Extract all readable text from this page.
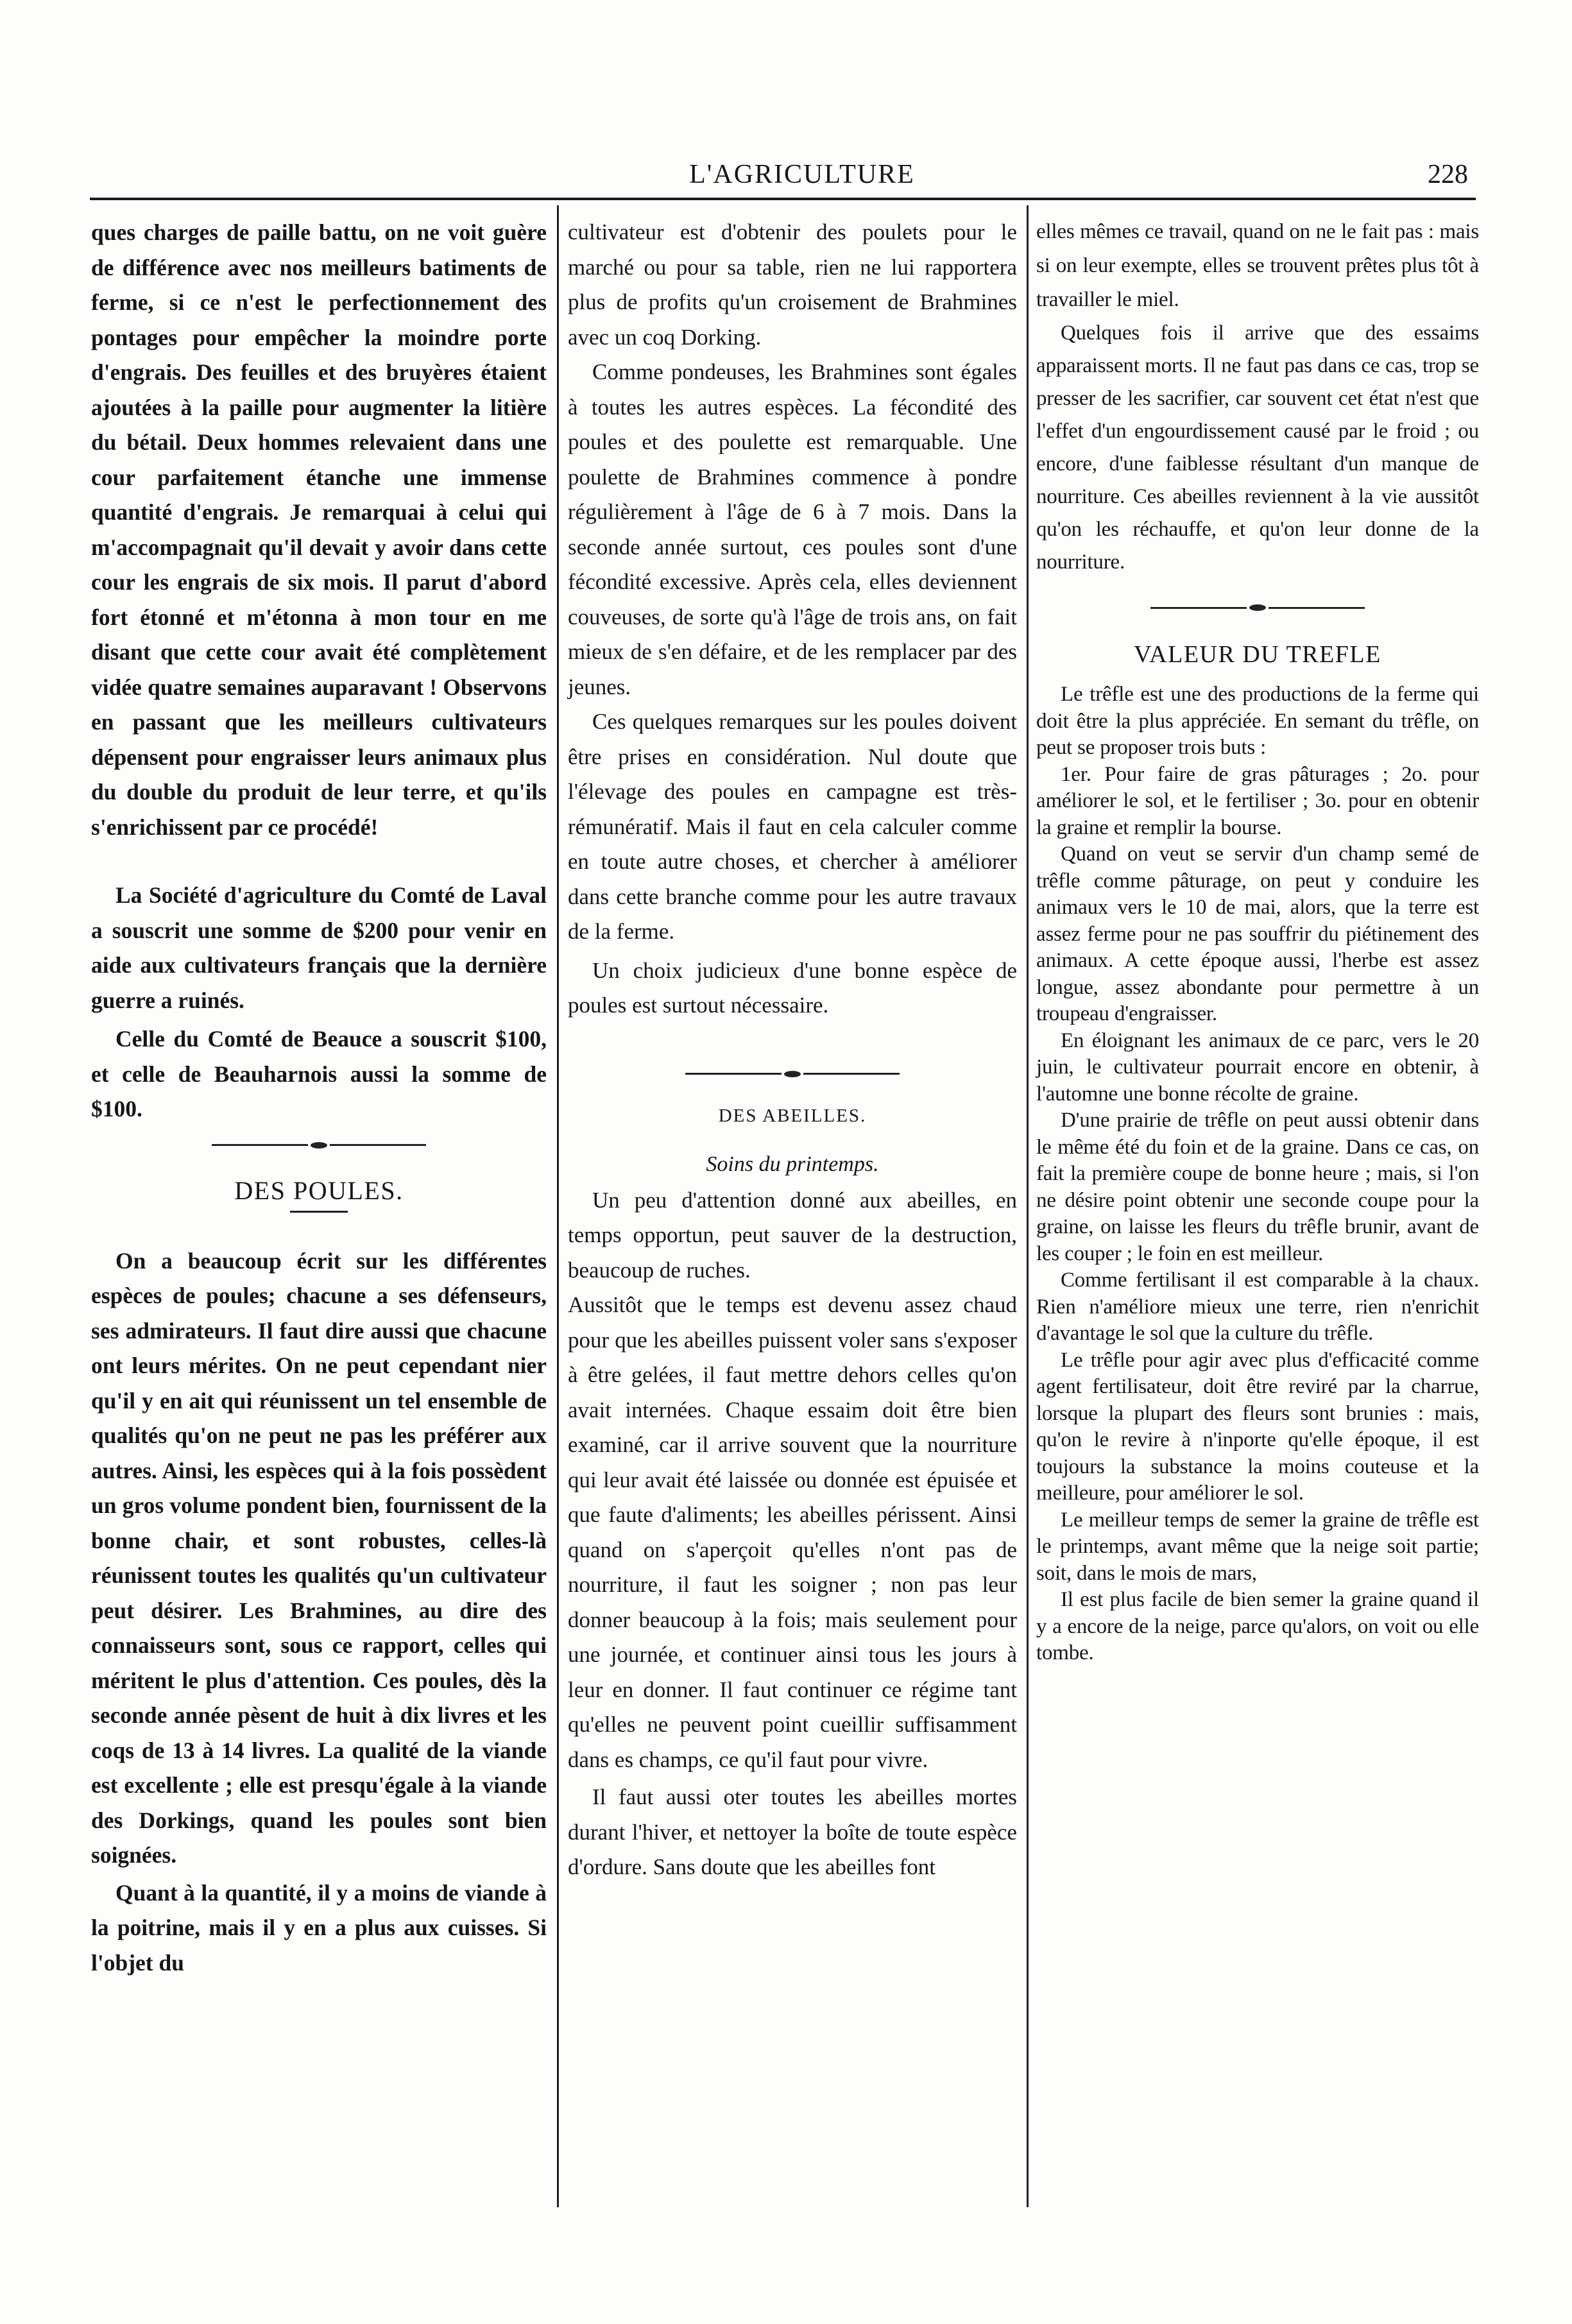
L'AGRICULTURE	228

ques charges de paille battu, on ne voit guère de différence avec nos meilleurs batiments de ferme, si ce n'est le perfectionnement des pontages pour empêcher la moindre porte d'engrais. Des feuilles et des bruyères étaient ajoutées à la paille pour augmenter la litière du bétail. Deux hommes relevaient dans une cour parfaitement étanche une immense quantité d'engrais. Je remarquai à celui qui m'accompagnait qu'il devait y avoir dans cette cour les engrais de six mois. Il parut d'abord fort étonné et m'étonna à mon tour en me disant que cette cour avait été complètement vidée quatre semaines auparavant ! Observons en passant que les meilleurs cultivateurs dépensent pour engraisser leurs animaux plus du double du produit de leur terre, et qu'ils s'enrichissent par ce procédé!

La Société d'agriculture du Comté de Laval a souscrit une somme de $200 pour venir en aide aux cultivateurs français que la dernière guerre a ruinés.

Celle du Comté de Beauce a souscrit $100, et celle de Beauharnois aussi la somme de $100.

DES POULES.

On a beaucoup écrit sur les différentes espèces de poules; chacune a ses défenseurs, ses admirateurs. Il faut dire aussi que chacune ont leurs mérites. On ne peut cependant nier qu'il y en ait qui réunissent un tel ensemble de qualités qu'on ne peut ne pas les préférer aux autres. Ainsi, les espèces qui à la fois possèdent un gros volume pondent bien, fournissent de la bonne chair, et sont robustes, celles-là réunissent toutes les qualités qu'un cultivateur peut désirer. Les Brahmines, au dire des connaisseurs sont, sous ce rapport, celles qui méritent le plus d'attention. Ces poules, dès la seconde année pèsent de huit à dix livres et les coqs de 13 à 14 livres. La qualité de la viande est excellente ; elle est presqu'égale à la viande des Dorkings, quand les poules sont bien soignées.

Quant à la quantité, il y a moins de viande à la poitrine, mais il y en a plus aux cuisses. Si l'objet du

cultivateur est d'obtenir des poulets pour le marché ou pour sa table, rien ne lui rapportera plus de profits qu'un croisement de Brahmines avec un coq Dorking.

Comme pondeuses, les Brahmines sont égales à toutes les autres espèces. La fécondité des poules et des poulette est remarquable. Une poulette de Brahmines commence à pondre régulièrement à l'âge de 6 à 7 mois. Dans la seconde année surtout, ces poules sont d'une fécondité excessive. Après cela, elles deviennent couveuses, de sorte qu'à l'âge de trois ans, on fait mieux de s'en défaire, et de les remplacer par des jeunes.

Ces quelques remarques sur les poules doivent être prises en considération. Nul doute que l'élevage des poules en campagne est très-rémunératif. Mais il faut en cela calculer comme en toute autre choses, et chercher à améliorer dans cette branche comme pour les autre travaux de la ferme.

Un choix judicieux d'une bonne espèce de poules est surtout nécessaire.

DES ABEILLES.

Soins du printemps.

Un peu d'attention donné aux abeilles, en temps opportun, peut sauver de la destruction, beaucoup de ruches.

Aussitôt que le temps est devenu assez chaud pour que les abeilles puissent voler sans s'exposer à être gelées, il faut mettre dehors celles qu'on avait internées. Chaque essaim doit être bien examiné, car il arrive souvent que la nourriture qui leur avait été laissée ou donnée est épuisée et que faute d'aliments; les abeilles périssent. Ainsi quand on s'aperçoit qu'elles n'ont pas de nourriture, il faut les soigner ; non pas leur donner beaucoup à la fois; mais seulement pour une journée, et continuer ainsi tous les jours à leur en donner. Il faut continuer ce régime tant qu'elles ne peuvent point cueillir suffisamment dans es champs, ce qu'il faut pour vivre.

Il faut aussi oter toutes les abeilles mortes durant l'hiver, et nettoyer la boîte de toute espèce d'ordure. Sans doute que les abeilles font

elles mêmes ce travail, quand on ne le fait pas : mais si on leur exempte, elles se trouvent prêtes plus tôt à travailler le miel.

Quelques fois il arrive que des essaims apparaissent morts. Il ne faut pas dans ce cas, trop se presser de les sacrifier, car souvent cet état n'est que l'effet d'un engourdissement causé par le froid ; ou encore, d'une faiblesse résultant d'un manque de nourriture. Ces abeilles reviennent à la vie aussitôt qu'on les réchauffe, et qu'on leur donne de la nourriture.

VALEUR DU TREFLE

Le trêfle est une des productions de la ferme qui doit être la plus appréciée. En semant du trêfle, on peut se proposer trois buts :

1er. Pour faire de gras pâturages ; 2o. pour améliorer le sol, et le fertiliser ; 3o. pour en obtenir la graine et remplir la bourse.

Quand on veut se servir d'un champ semé de trêfle comme pâturage, on peut y conduire les animaux vers le 10 de mai, alors, que la terre est assez ferme pour ne pas souffrir du piétinement des animaux. A cette époque aussi, l'herbe est assez longue, assez abondante pour permettre à un troupeau d'engraisser.

En éloignant les animaux de ce parc, vers le 20 juin, le cultivateur pourrait encore en obtenir, à l'automne une bonne récolte de graine.

D'une prairie de trêfle on peut aussi obtenir dans le même été du foin et de la graine. Dans ce cas, on fait la première coupe de bonne heure ; mais, si l'on ne désire point obtenir une seconde coupe pour la graine, on laisse les fleurs du trêfle brunir, avant de les couper ; le foin en est meilleur.

Comme fertilisant il est comparable à la chaux. Rien n'améliore mieux une terre, rien n'enrichit d'avantage le sol que la culture du trêfle.

Le trêfle pour agir avec plus d'efficacité comme agent fertilisateur, doit être reviré par la charrue, lorsque la plupart des fleurs sont brunies : mais, qu'on le revire à n'inporte qu'elle époque, il est toujours la substance la moins couteuse et la meilleure, pour améliorer le sol.

Le meilleur temps de semer la graine de trêfle est le printemps, avant même que la neige soit partie; soit, dans le mois de mars,

Il est plus facile de bien semer la graine quand il y a encore de la neige, parce qu'alors, on voit ou elle tombe.
